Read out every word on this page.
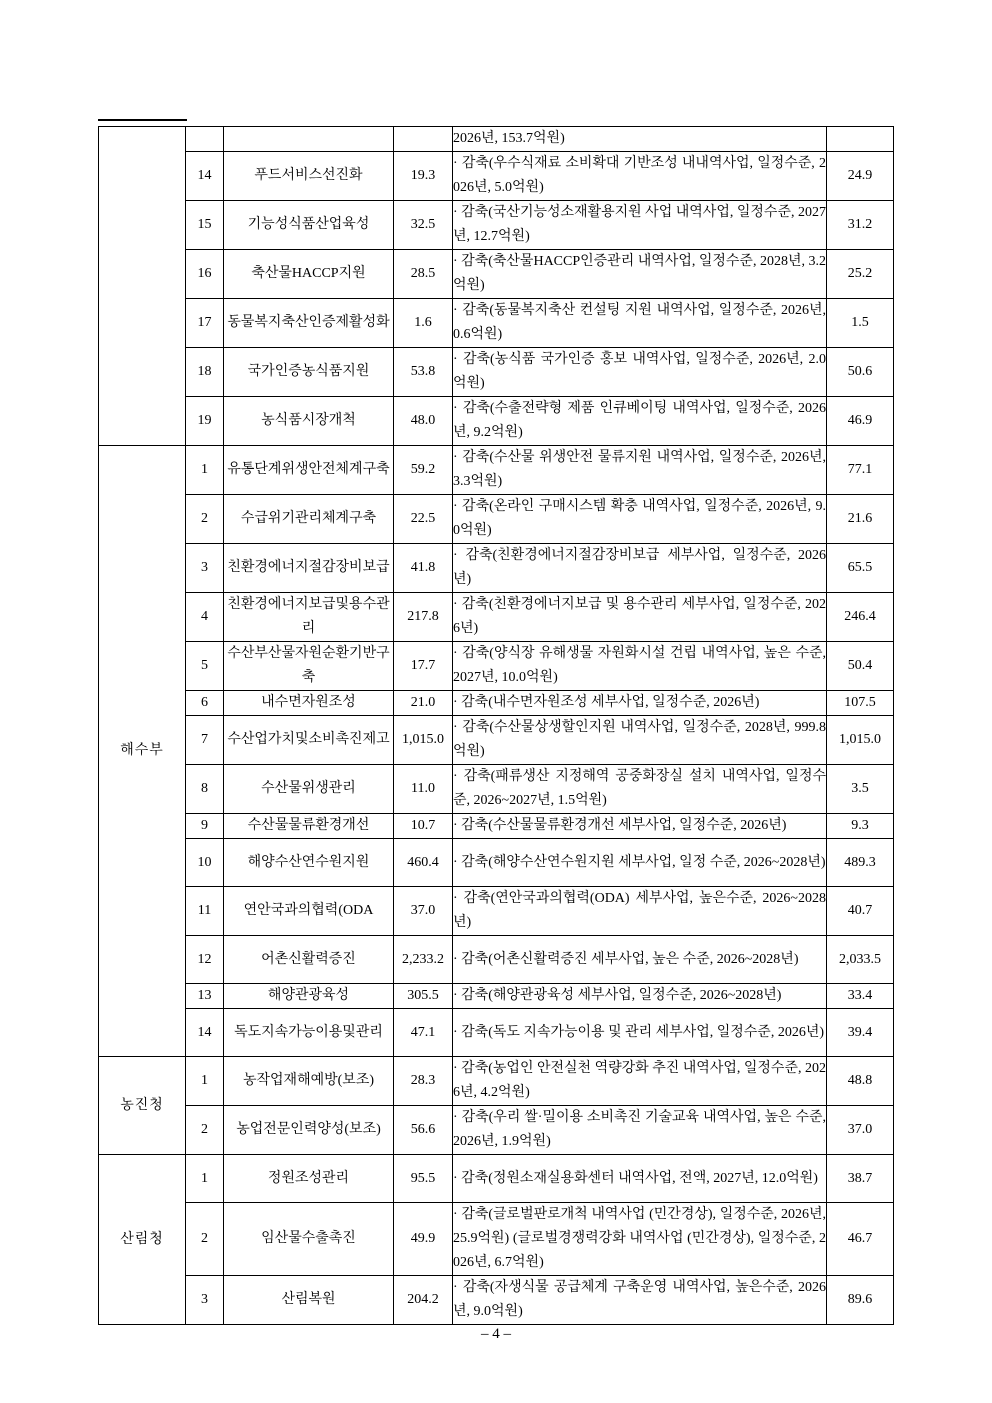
				2026년, 153.7억원)	
	14	푸드서비스선진화	19.3	· 감축(우수식재료 소비확대 기반조성 내내역사업, 일정수준, 2026년, 5.0억원)	24.9
	15	기능성식품산업육성	32.5	· 감축(국산기능성소재활용지원 사업 내역사업, 일정수준, 2027년, 12.7억원)	31.2
	16	축산물HACCP지원	28.5	· 감축(축산물HACCP인증관리 내역사업, 일정수준, 2028년, 3.2억원)	25.2
	17	동물복지축산인증제활성화	1.6	· 감축(동물복지축산 컨설팅 지원 내역사업, 일정수준, 2026년, 0.6억원)	1.5
	18	국가인증농식품지원	53.8	· 감축(농식품 국가인증 홍보 내역사업, 일정수준, 2026년, 2.0억원)	50.6
	19	농식품시장개척	48.0	· 감축(수출전략형 제품 인큐베이팅 내역사업, 일정수준, 2026년, 9.2억원)	46.9
해수부	1	유통단계위생안전체계구축	59.2	· 감축(수산물 위생안전 물류지원 내역사업, 일정수준, 2026년, 3.3억원)	77.1
	2	수급위기관리체계구축	22.5	· 감축(온라인 구매시스템 확충 내역사업, 일정수준, 2026년, 9.0억원)	21.6
	3	친환경에너지절감장비보급	41.8	· 감축(친환경에너지절감장비보급 세부사업, 일정수준, 2026년)	65.5
	4	친환경에너지보급및용수관리	217.8	· 감축(친환경에너지보급 및 용수관리 세부사업, 일정수준, 2026년)	246.4
	5	수산부산물자원순환기반구축	17.7	· 감축(양식장 유해생물 자원화시설 건립 내역사업, 높은 수준, 2027년, 10.0억원)	50.4
	6	내수면자원조성	21.0	· 감축(내수면자원조성 세부사업, 일정수준, 2026년)	107.5
	7	수산업가치및소비촉진제고	1,015.0	· 감축(수산물상생할인지원 내역사업, 일정수준, 2028년, 999.8억원)	1,015.0
	8	수산물위생관리	11.0	· 감축(패류생산 지정해역 공중화장실 설치 내역사업, 일정수준, 2026~2027년, 1.5억원)	3.5
	9	수산물물류환경개선	10.7	· 감축(수산물물류환경개선 세부사업, 일정수준, 2026년)	9.3
	10	해양수산연수원지원	460.4	· 감축(해양수산연수원지원 세부사업, 일정 수준, 2026~2028년)	489.3
	11	연안국과의협력(ODA	37.0	· 감축(연안국과의협력(ODA) 세부사업, 높은수준, 2026~2028년)	40.7
	12	어촌신활력증진	2,233.2	· 감축(어촌신활력증진 세부사업, 높은 수준, 2026~2028년)	2,033.5
	13	해양관광육성	305.5	· 감축(해양관광육성 세부사업, 일정수준, 2026~2028년)	33.4
	14	독도지속가능이용및관리	47.1	· 감축(독도 지속가능이용 및 관리 세부사업, 일정수준, 2026년)	39.4
농진청	1	농작업재해예방(보조)	28.3	· 감축(농업인 안전실천 역량강화 추진 내역사업, 일정수준, 2026년, 4.2억원)	48.8
	2	농업전문인력양성(보조)	56.6	· 감축(우리 쌀·밀이용 소비촉진 기술교육 내역사업, 높은 수준, 2026년, 1.9억원)	37.0
산림청	1	정원조성관리	95.5	· 감축(정원소재실용화센터 내역사업, 전액, 2027년, 12.0억원)	38.7
	2	임산물수출촉진	49.9	· 감축(글로벌판로개척 내역사업 (민간경상), 일정수준, 2026년, 25.9억원) (글로벌경쟁력강화 내역사업 (민간경상), 일정수준, 2026년, 6.7억원)	46.7
	3	산림복원	204.2	· 감축(자생식물 공급체계 구축운영 내역사업, 높은수준, 2026년, 9.0억원)	89.6
– 4 –
